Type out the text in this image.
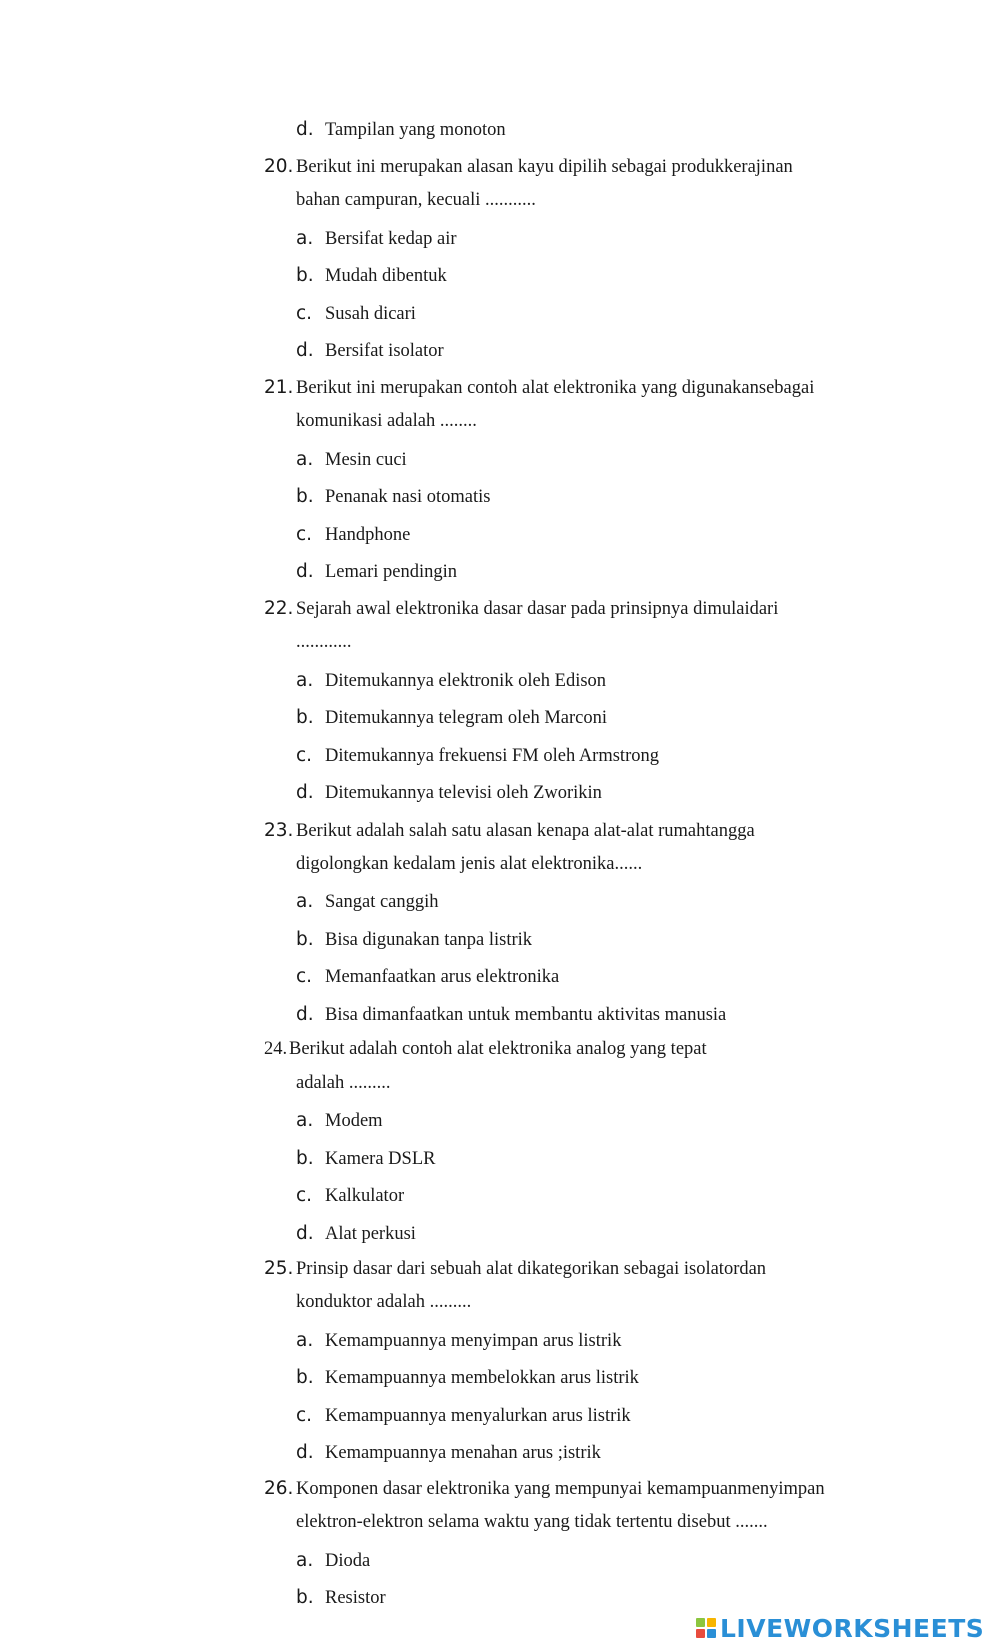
d. Tampilan yang monoton
20. Berikut ini merupakan alasan kayu dipilih sebagai produkkerajinan
bahan campuran, kecuali ...........
a. Bersifat kedap air
b. Mudah dibentuk
c. Susah dicari
d. Bersifat isolator
21. Berikut ini merupakan contoh alat elektronika yang digunakansebagai
komunikasi adalah ........
a. Mesin cuci
b. Penanak nasi otomatis
c. Handphone
d. Lemari pendingin
22. Sejarah awal elektronika dasar dasar pada prinsipnya dimulaidari
............
a. Ditemukannya elektronik oleh Edison
b. Ditemukannya telegram oleh Marconi
c. Ditemukannya frekuensi FM oleh Armstrong
d. Ditemukannya televisi oleh Zworikin
23. Berikut adalah salah satu alasan kenapa alat-alat rumahtangga
digolongkan kedalam jenis alat elektronika......
a. Sangat canggih
b. Bisa digunakan tanpa listrik
c. Memanfaatkan arus elektronika
d. Bisa dimanfaatkan untuk membantu aktivitas manusia
24. Berikut adalah contoh alat elektronika analog yang tepat
adalah .........
a. Modem
b. Kamera DSLR
c. Kalkulator
d. Alat perkusi
25. Prinsip dasar dari sebuah alat dikategorikan sebagai isolatordan
konduktor adalah .........
a. Kemampuannya menyimpan arus listrik
b. Kemampuannya membelokkan arus listrik
c. Kemampuannya menyalurkan arus listrik
d. Kemampuannya menahan arus ;istrik
26. Komponen dasar elektronika yang mempunyai kemampuanmenyimpan
elektron-elektron selama waktu yang tidak tertentu disebut .......
a. Dioda
b. Resistor
LIVEWORKSHEETS
